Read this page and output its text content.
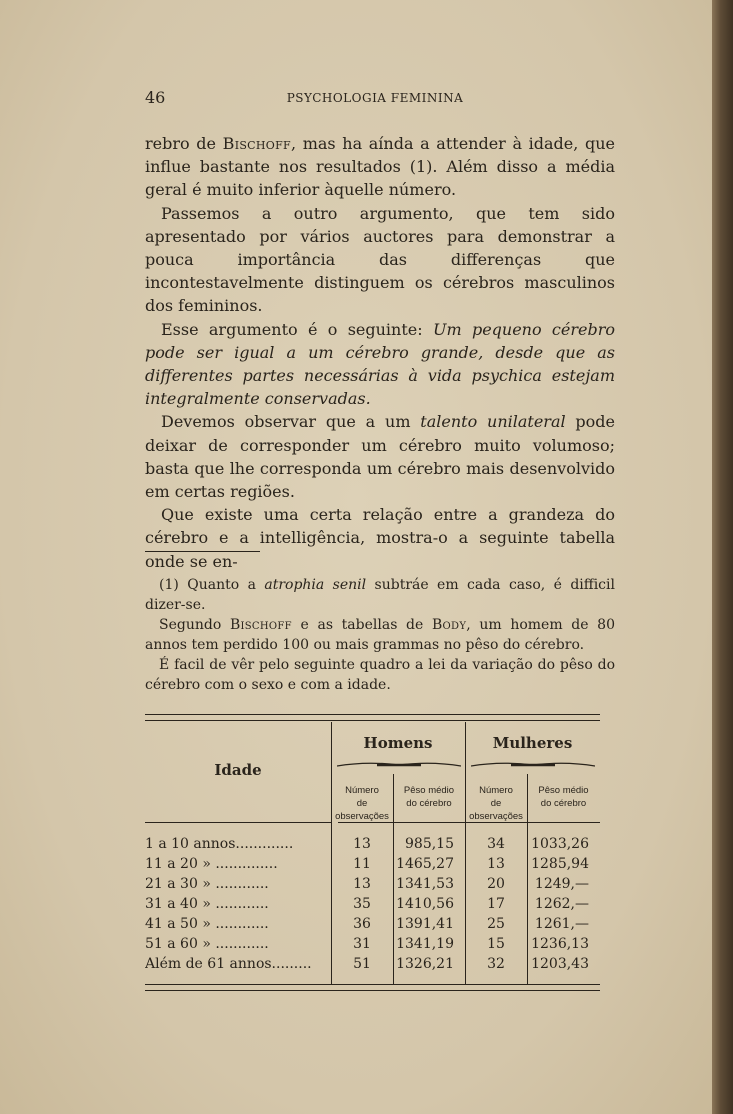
46	PSYCHOLOGIA FEMININA

rebro de Bischoff, mas ha aínda a attender à idade, que influe bastante nos resultados (1). Além disso a média geral é muito inferior àquelle número.

Passemos a outro argumento, que tem sido apresentado por vários auctores para demonstrar a pouca importância das differenças que incontestavelmente distinguem os cérebros masculinos dos femininos.

Esse argumento é o seguinte: Um pequeno cérebro pode ser igual a um cérebro grande, desde que as differentes partes necessárias à vida psychica estejam integralmente conservadas.

Devemos observar que a um talento unilateral pode deixar de corresponder um cérebro muito volumoso; basta que lhe corresponda um cérebro mais desenvolvido em certas regiões.

Que existe uma certa relação entre a grandeza do cérebro e a intelligência, mostra-o a seguinte tabella onde se en-

(1) Quanto a atrophia senil subtráe em cada caso, é difficil dizer-se.

Segundo Bischoff e as tabellas de Body, um homem de 80 annos tem perdido 100 ou mais grammas no pêso do cérebro.

É facil de vêr pelo seguinte quadro a lei da variação do pêso do cérebro com o sexo e com a idade.

Idade
Homens	Mulheres
Número
de observações
Pêso médio
do cérebro
Número
de observações
Pêso médio
do cérebro
1 a 10 annos.............	13	985,15	34	1033,26
11 a 20 » ..............	11	1465,27	13	1285,94
21 a 30 » ............	13	1341,53	20	1249,—
31 a 40 » ............	35	1410,56	17	1262,—
41 a 50 » ............	36	1391,41	25	1261,—
51 a 60 » ............	31	1341,19	15	1236,13
Além de 61 annos.........	51	1326,21	32	1203,43
